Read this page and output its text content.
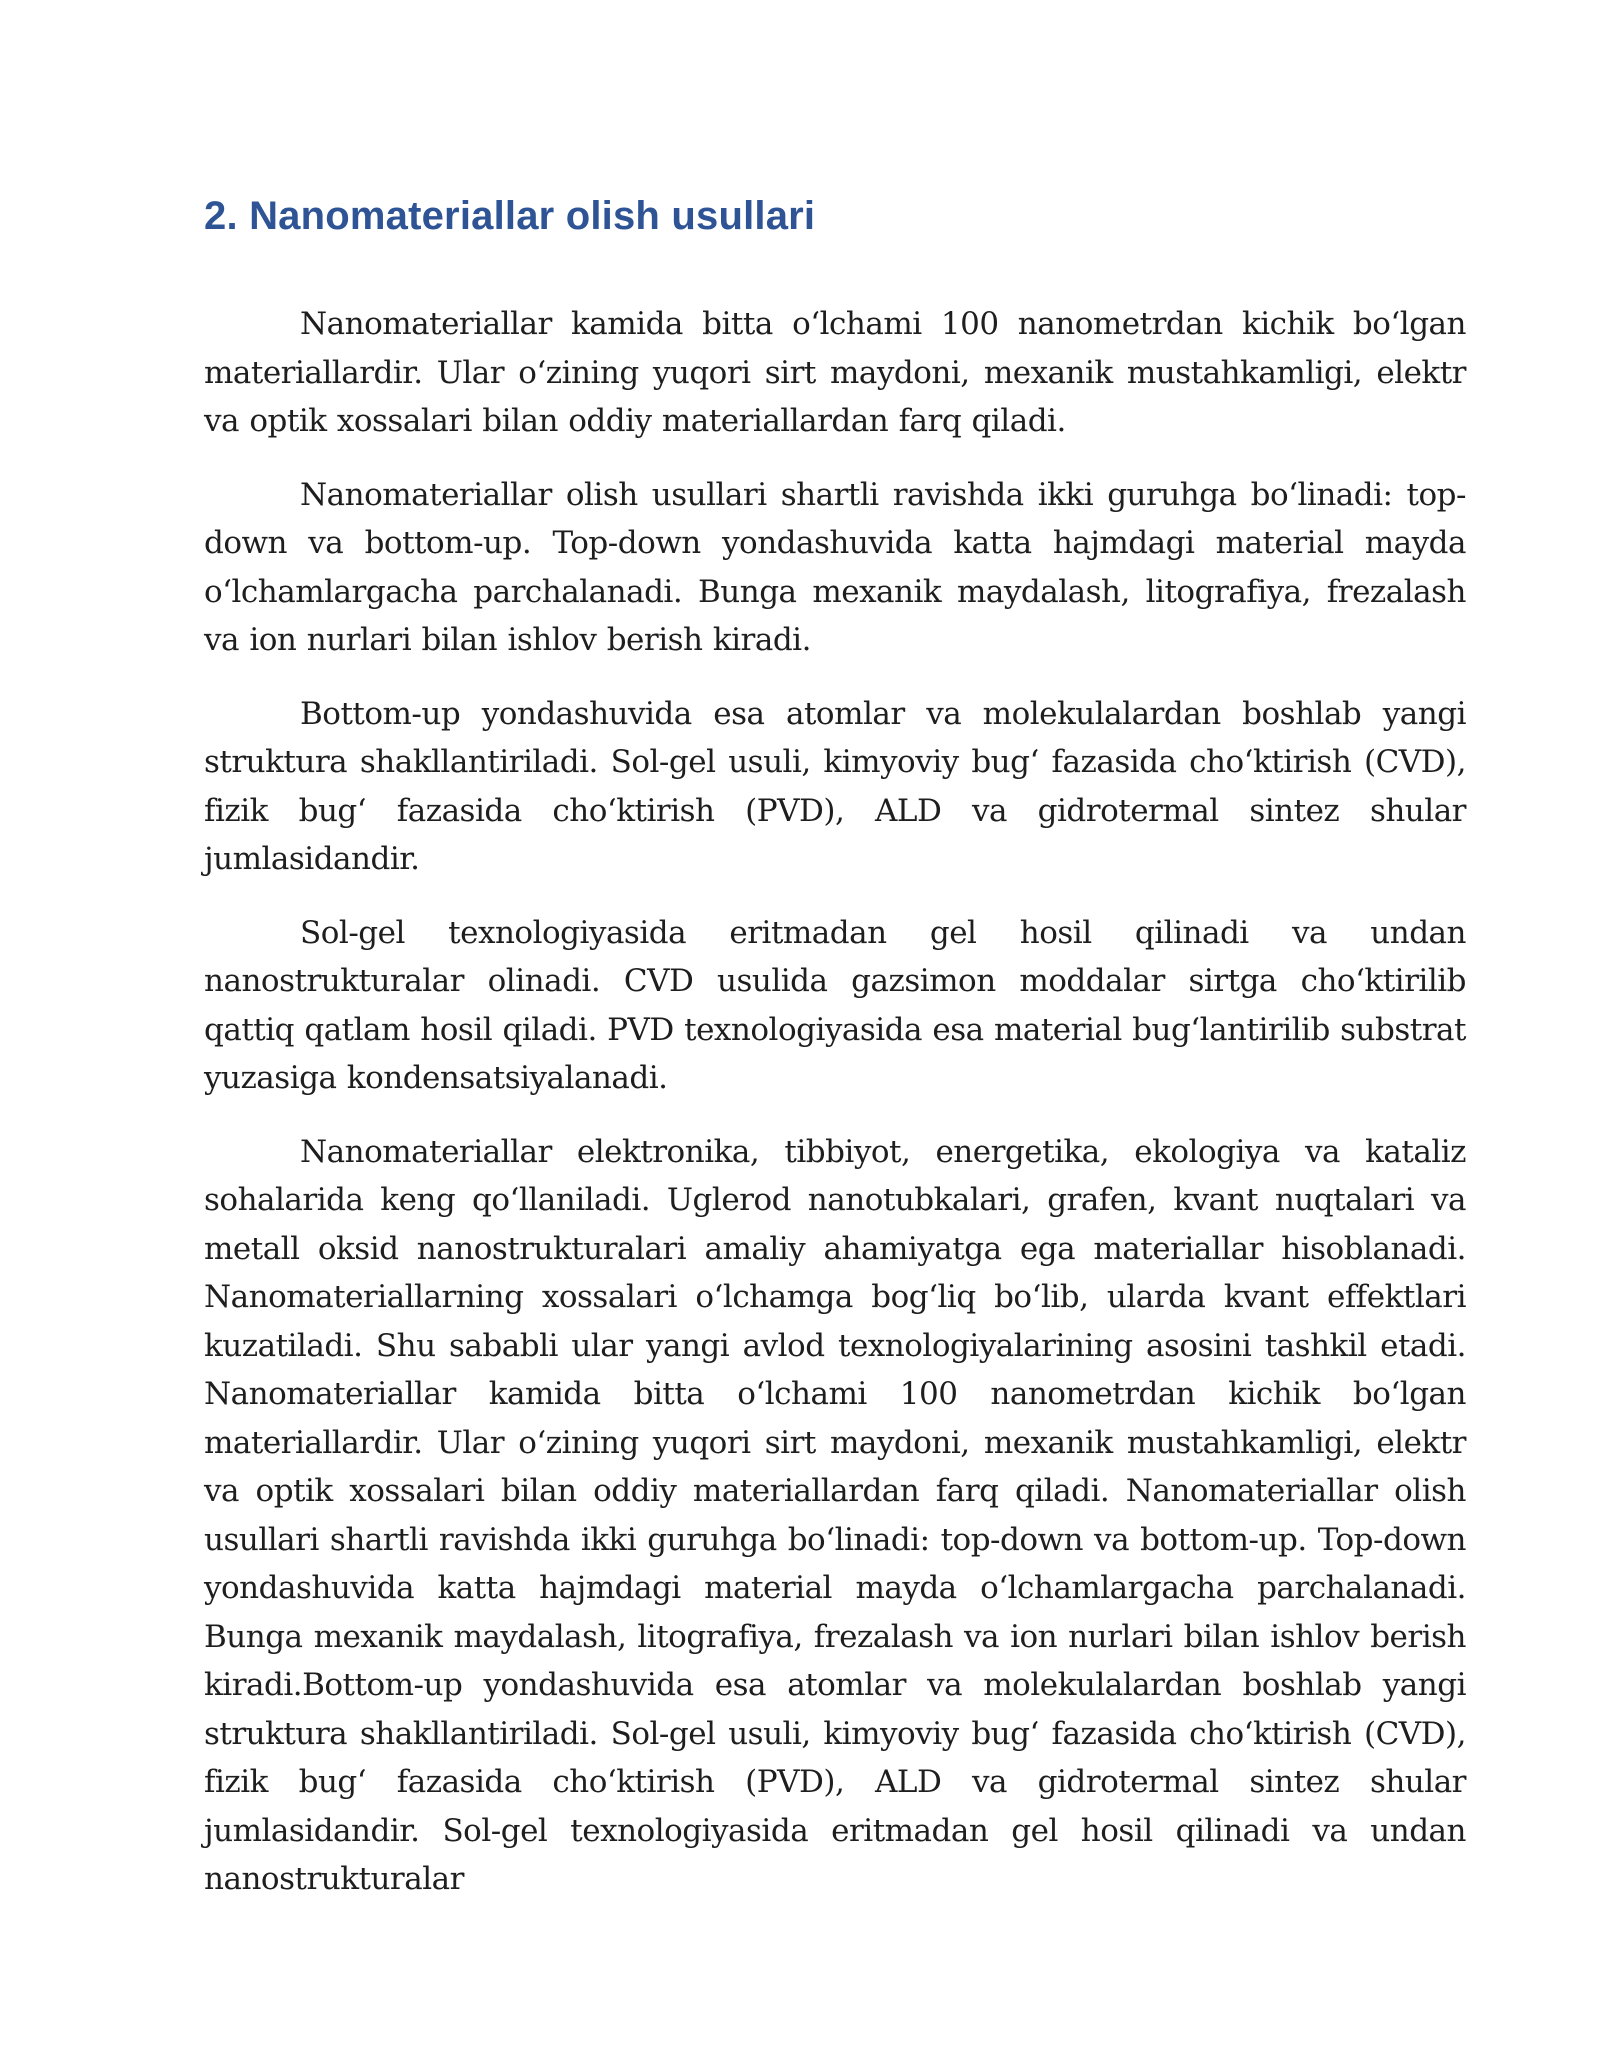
2. Nanomateriallar olish usullari

Nanomateriallar kamida bitta o‘lchami 100 nanometrdan kichik bo‘lgan materiallardir. Ular o‘zining yuqori sirt maydoni, mexanik mustahkamligi, elektr va optik xossalari bilan oddiy materiallardan farq qiladi.

Nanomateriallar olish usullari shartli ravishda ikki guruhga bo‘linadi: top-down va bottom-up. Top-down yondashuvida katta hajmdagi material mayda o‘lchamlargacha parchalanadi. Bunga mexanik maydalash, litografiya, frezalash va ion nurlari bilan ishlov berish kiradi.

Bottom-up yondashuvida esa atomlar va molekulalardan boshlab yangi struktura shakllantiriladi. Sol-gel usuli, kimyoviy bug‘ fazasida cho‘ktirish (CVD), fizik bug‘ fazasida cho‘ktirish (PVD), ALD va gidrotermal sintez shular jumlasidandir.

Sol-gel texnologiyasida eritmadan gel hosil qilinadi va undan nanostrukturalar olinadi. CVD usulida gazsimon moddalar sirtga cho‘ktirilib qattiq qatlam hosil qiladi. PVD texnologiyasida esa material bug‘lantirilib substrat yuzasiga kondensatsiyalanadi.

Nanomateriallar elektronika, tibbiyot, energetika, ekologiya va kataliz sohalarida keng qo‘llaniladi. Uglerod nanotubkalari, grafen, kvant nuqtalari va metall oksid nanostrukturalari amaliy ahamiyatga ega materiallar hisoblanadi. Nanomateriallarning xossalari o‘lchamga bog‘liq bo‘lib, ularda kvant effektlari kuzatiladi. Shu sababli ular yangi avlod texnologiyalarining asosini tashkil etadi. Nanomateriallar kamida bitta o‘lchami 100 nanometrdan kichik bo‘lgan materiallardir. Ular o‘zining yuqori sirt maydoni, mexanik mustahkamligi, elektr va optik xossalari bilan oddiy materiallardan farq qiladi. Nanomateriallar olish usullari shartli ravishda ikki guruhga bo‘linadi: top-down va bottom-up. Top-down yondashuvida katta hajmdagi material mayda o‘lchamlargacha parchalanadi. Bunga mexanik maydalash, litografiya, frezalash va ion nurlari bilan ishlov berish kiradi.Bottom-up yondashuvida esa atomlar va molekulalardan boshlab yangi struktura shakllantiriladi. Sol-gel usuli, kimyoviy bug‘ fazasida cho‘ktirish (CVD), fizik bug‘ fazasida cho‘ktirish (PVD), ALD va gidrotermal sintez shular jumlasidandir. Sol-gel texnologiyasida eritmadan gel hosil qilinadi va undan nanostrukturalar
